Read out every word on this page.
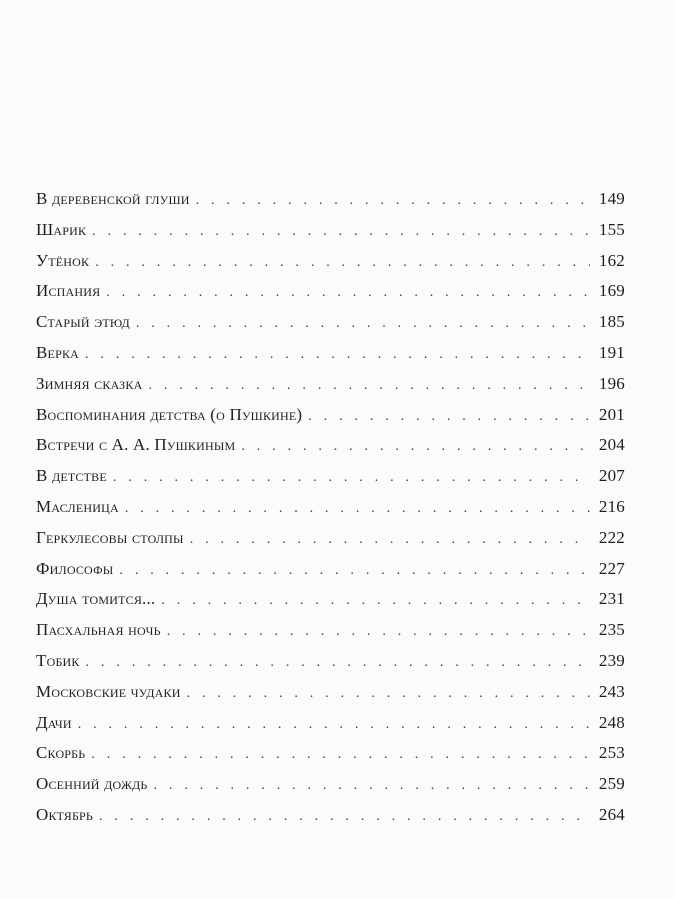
В деревенской глуши . . .	149
Шарик . . .	155
Утёнок . . .	162
Испания . . .	169
Старый этюд . . .	185
Верка . . .	191
Зимняя сказка . . .	196
Воспоминания детства (о Пушкине) . . .	201
Встречи с А. А. Пушкиным . . .	204
В детстве . . .	207
Масленица . . .	216
Геркулесовы столпы . . .	222
Философы . . .	227
Душа томится... . . .	231
Пасхальная ночь . . .	235
Тобик . . .	239
Московские чудаки . . .	243
Дачи . . .	248
Скорбь . . .	253
Осенний дождь . . .	259
Октябрь . . .	264
